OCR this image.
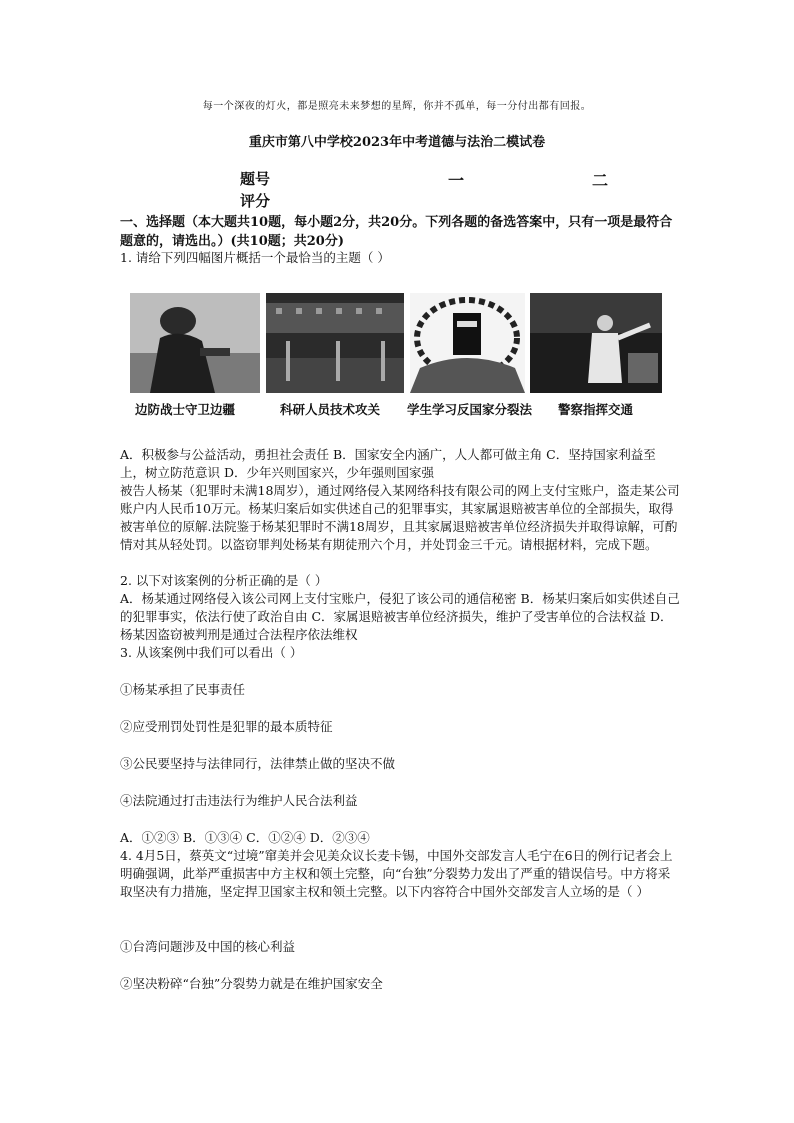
每一个深夜的灯火，都是照亮未来梦想的星辉，你并不孤单，每一分付出都有回报。
重庆市第八中学校2023年中考道德与法治二模试卷
题号
评分
一	二
一、选择题（本大题共10题，每小题2分，共20分。下列各题的备选答案中，只有一项是最符合题意的，请选出。）(共10题；共20分)
1. 请给下列四幅图片概括一个最恰当的主题（ ）
边防战士守卫边疆	科研人员技术攻关 学生学习反国家分裂法 警察指挥交通
A．积极参与公益活动，勇担社会责任 B．国家安全内涵广，人人都可做主角 C．坚持国家利益至上，树立防范意识 D．少年兴则国家兴，少年强则国家强
被告人杨某（犯罪时未满18周岁），通过网络侵入某网络科技有限公司的网上支付宝账户，盗走某公司账户内人民币10万元。杨某归案后如实供述自己的犯罪事实，其家属退赔被害单位的全部损失，取得被害单位的原解.法院鉴于杨某犯罪时不满18周岁，且其家属退赔被害单位经济损失并取得谅解，可酌情对其从轻处罚。以盗窃罪判处杨某有期徒刑六个月，并处罚金三千元。请根据材料，完成下题。
2. 以下对该案例的分析正确的是（ ）
A．杨某通过网络侵入该公司网上支付宝账户，侵犯了该公司的通信秘密 B．杨某归案后如实供述自己的犯罪事实，依法行使了政治自由 C．家属退赔被害单位经济损失，维护了受害单位的合法权益 D．杨某因盗窃被判刑是通过合法程序依法维权
3. 从该案例中我们可以看出（ ）
①杨某承担了民事责任
②应受刑罚处罚性是犯罪的最本质特征
③公民要坚持与法律同行，法律禁止做的坚决不做
④法院通过打击违法行为维护人民合法利益
A．①②③ B．①③④ C．①②④ D．②③④
4. 4月5日，蔡英文“过境”窜美并会见美众议长麦卡锡，中国外交部发言人毛宁在6日的例行记者会上明确强调，此举严重损害中方主权和领土完整，向“台独”分裂势力发出了严重的错误信号。中方将采取坚决有力措施，坚定捍卫国家主权和领土完整。以下内容符合中国外交部发言人立场的是（ ）
①台湾问题涉及中国的核心利益
②坚决粉碎“台独”分裂势力就是在维护国家安全
